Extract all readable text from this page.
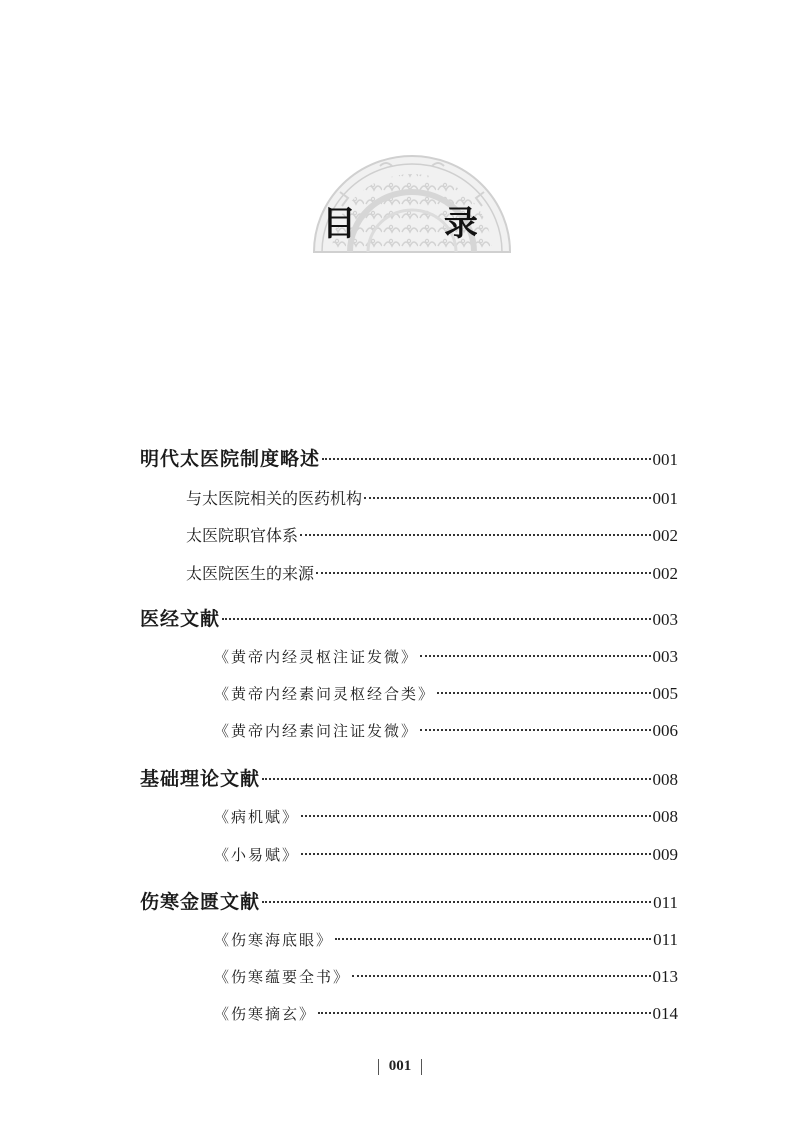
目 录
明代太医院制度略述	001
与太医院相关的医药机构	001
太医院职官体系	002
太医院医生的来源	002
医经文献	003
《黄帝内经灵枢注证发微》	003
《黄帝内经素问灵枢经合类》	005
《黄帝内经素问注证发微》	006
基础理论文献	008
《病机赋》	008
《小易赋》	009
伤寒金匮文献	011
《伤寒海底眼》	011
《伤寒蕴要全书》	013
《伤寒摘玄》	014
001
